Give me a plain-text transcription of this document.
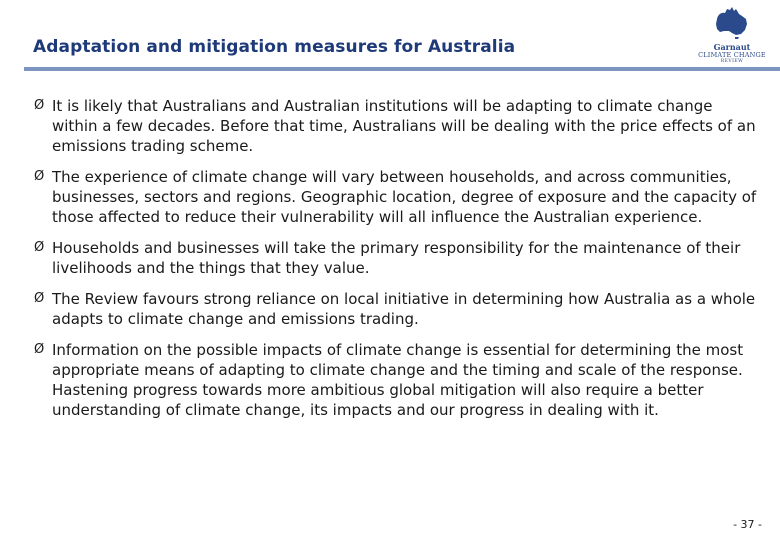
Adaptation and mitigation measures for Australia	Garnaut
CLIMATE CHANGE
REVIEW
Ø It is likely that Australians and Australian institutions will be adapting to climate change within a few decades. Before that time, Australians will be dealing with the price effects of an emissions trading scheme.
Ø The experience of climate change will vary between households, and across communities, businesses, sectors and regions. Geographic location, degree of exposure and the capacity of those affected to reduce their vulnerability will all influence the Australian experience.
Ø Households and businesses will take the primary responsibility for the maintenance of their livelihoods and the things that they value.
Ø The Review favours strong reliance on local initiative in determining how Australia as a whole adapts to climate change and emissions trading.
Ø Information on the possible impacts of climate change is essential for determining the most appropriate means of adapting to climate change and the timing and scale of the response. Hastening progress towards more ambitious global mitigation will also require a better understanding of climate change, its impacts and our progress in dealing with it.
- 37 -
